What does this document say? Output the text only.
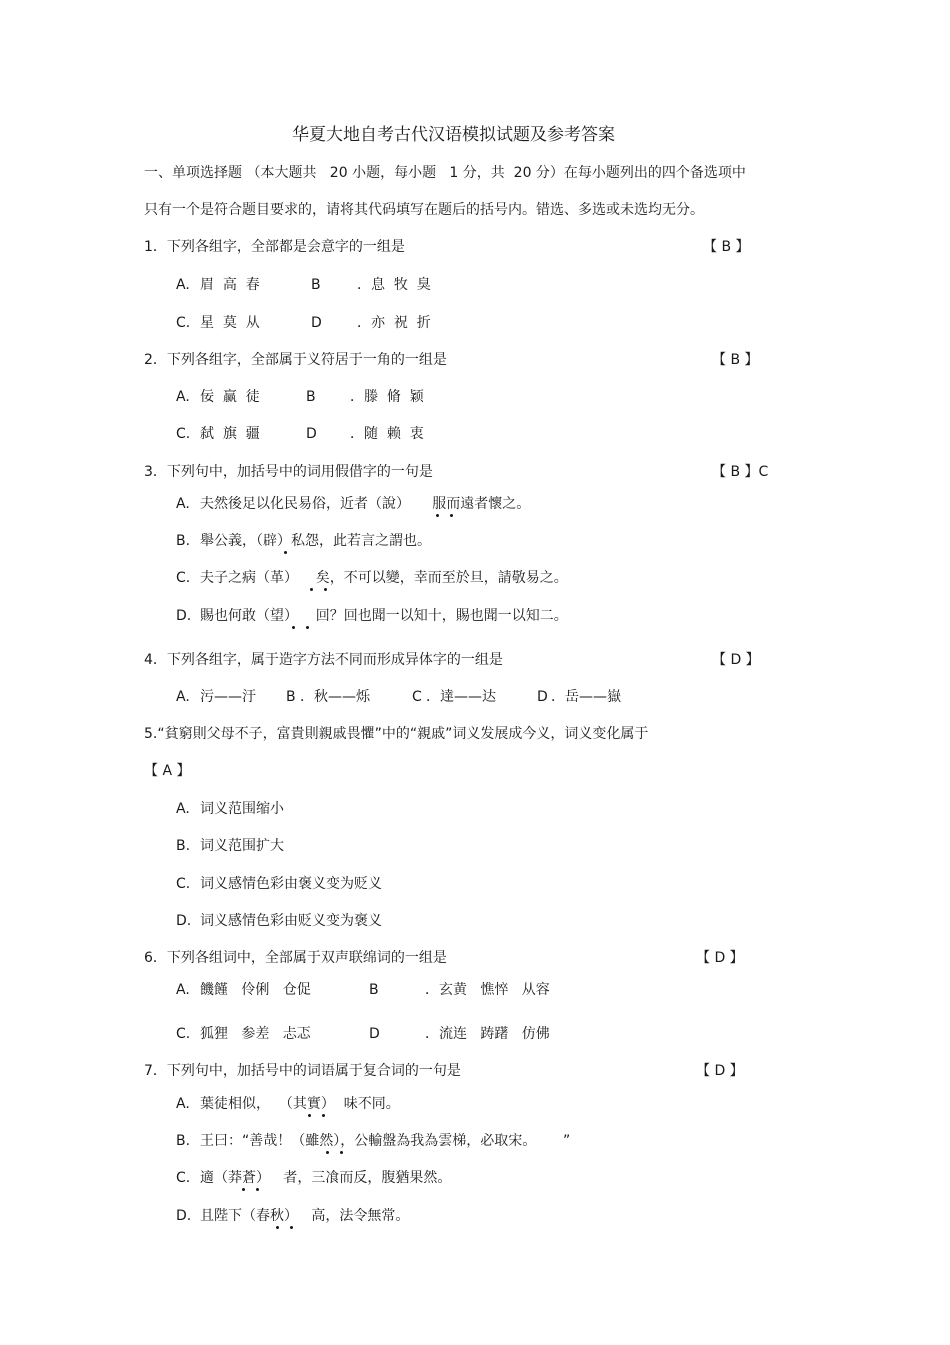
华夏大地自考古代汉语模拟试题及参考答案
一、单项选择题 （本大题共   20 小题，每小题   1 分，共  20 分）在每小题列出的四个备选项中
只有一个是符合题目要求的，请将其代码填写在题后的括号内。错选、多选或未选均无分。
1．下列各组字，全部都是会意字的一组是	【 B 】
A. 眉  高  春	B	．息  牧  臭
C. 星  莫  从	D	．亦  祝  折
2．下列各组字，全部属于义符居于一角的一组是	【 B 】
A. 佞  赢  徒	B ．滕  脩  颖
C. 弑  旗  疆	D ．随  赖  衷
3．下列句中，加括号中的词用假借字的一句是	【 B 】C
A. 夫然後足以化民易俗，近者（說）     服而遠者懷之。
B. 舉公義，（辟）私怨，此若言之謂也。
C. 夫子之病（革）    矣，不可以變，幸而至於旦，請敬易之。
D. 賜也何敢（望）    回？回也聞一以知十，賜也聞一以知二。
4．下列各组字，属于造字方法不同而形成异体字的一组是	【 D 】
A. 污——汙 B ．秋——烁	C ．達——达	D ．岳——嶽
5.“貧窮則父母不子，富貴則親戚畏懼”中的“親戚”词义发展成今义，词义变化属于
【 A 】
A. 词义范围缩小
B. 词义范围扩大
C. 词义感情色彩由褒义变为贬义
D. 词义感情色彩由贬义变为褒义
6．下列各组词中，全部属于双声联绵词的一组是	【 D 】
A. 饑饉   伶俐   仓促	B	．玄黄   憔悴   从容
C. 狐狸   参差   忐忑	D	．流连   踌躇   仿佛
7．下列句中，加括号中的词语属于复合词的一句是	【 D 】
A. 葉徒相似，  （其實）  味不同。
B. 王曰：“善哉！（雖然），公輸盤為我為雲梯，必取宋。      ”
C. 適（莽蒼）   者，三飡而反，腹猶果然。
D. 且陛下（春秋）   高，法令無常。
